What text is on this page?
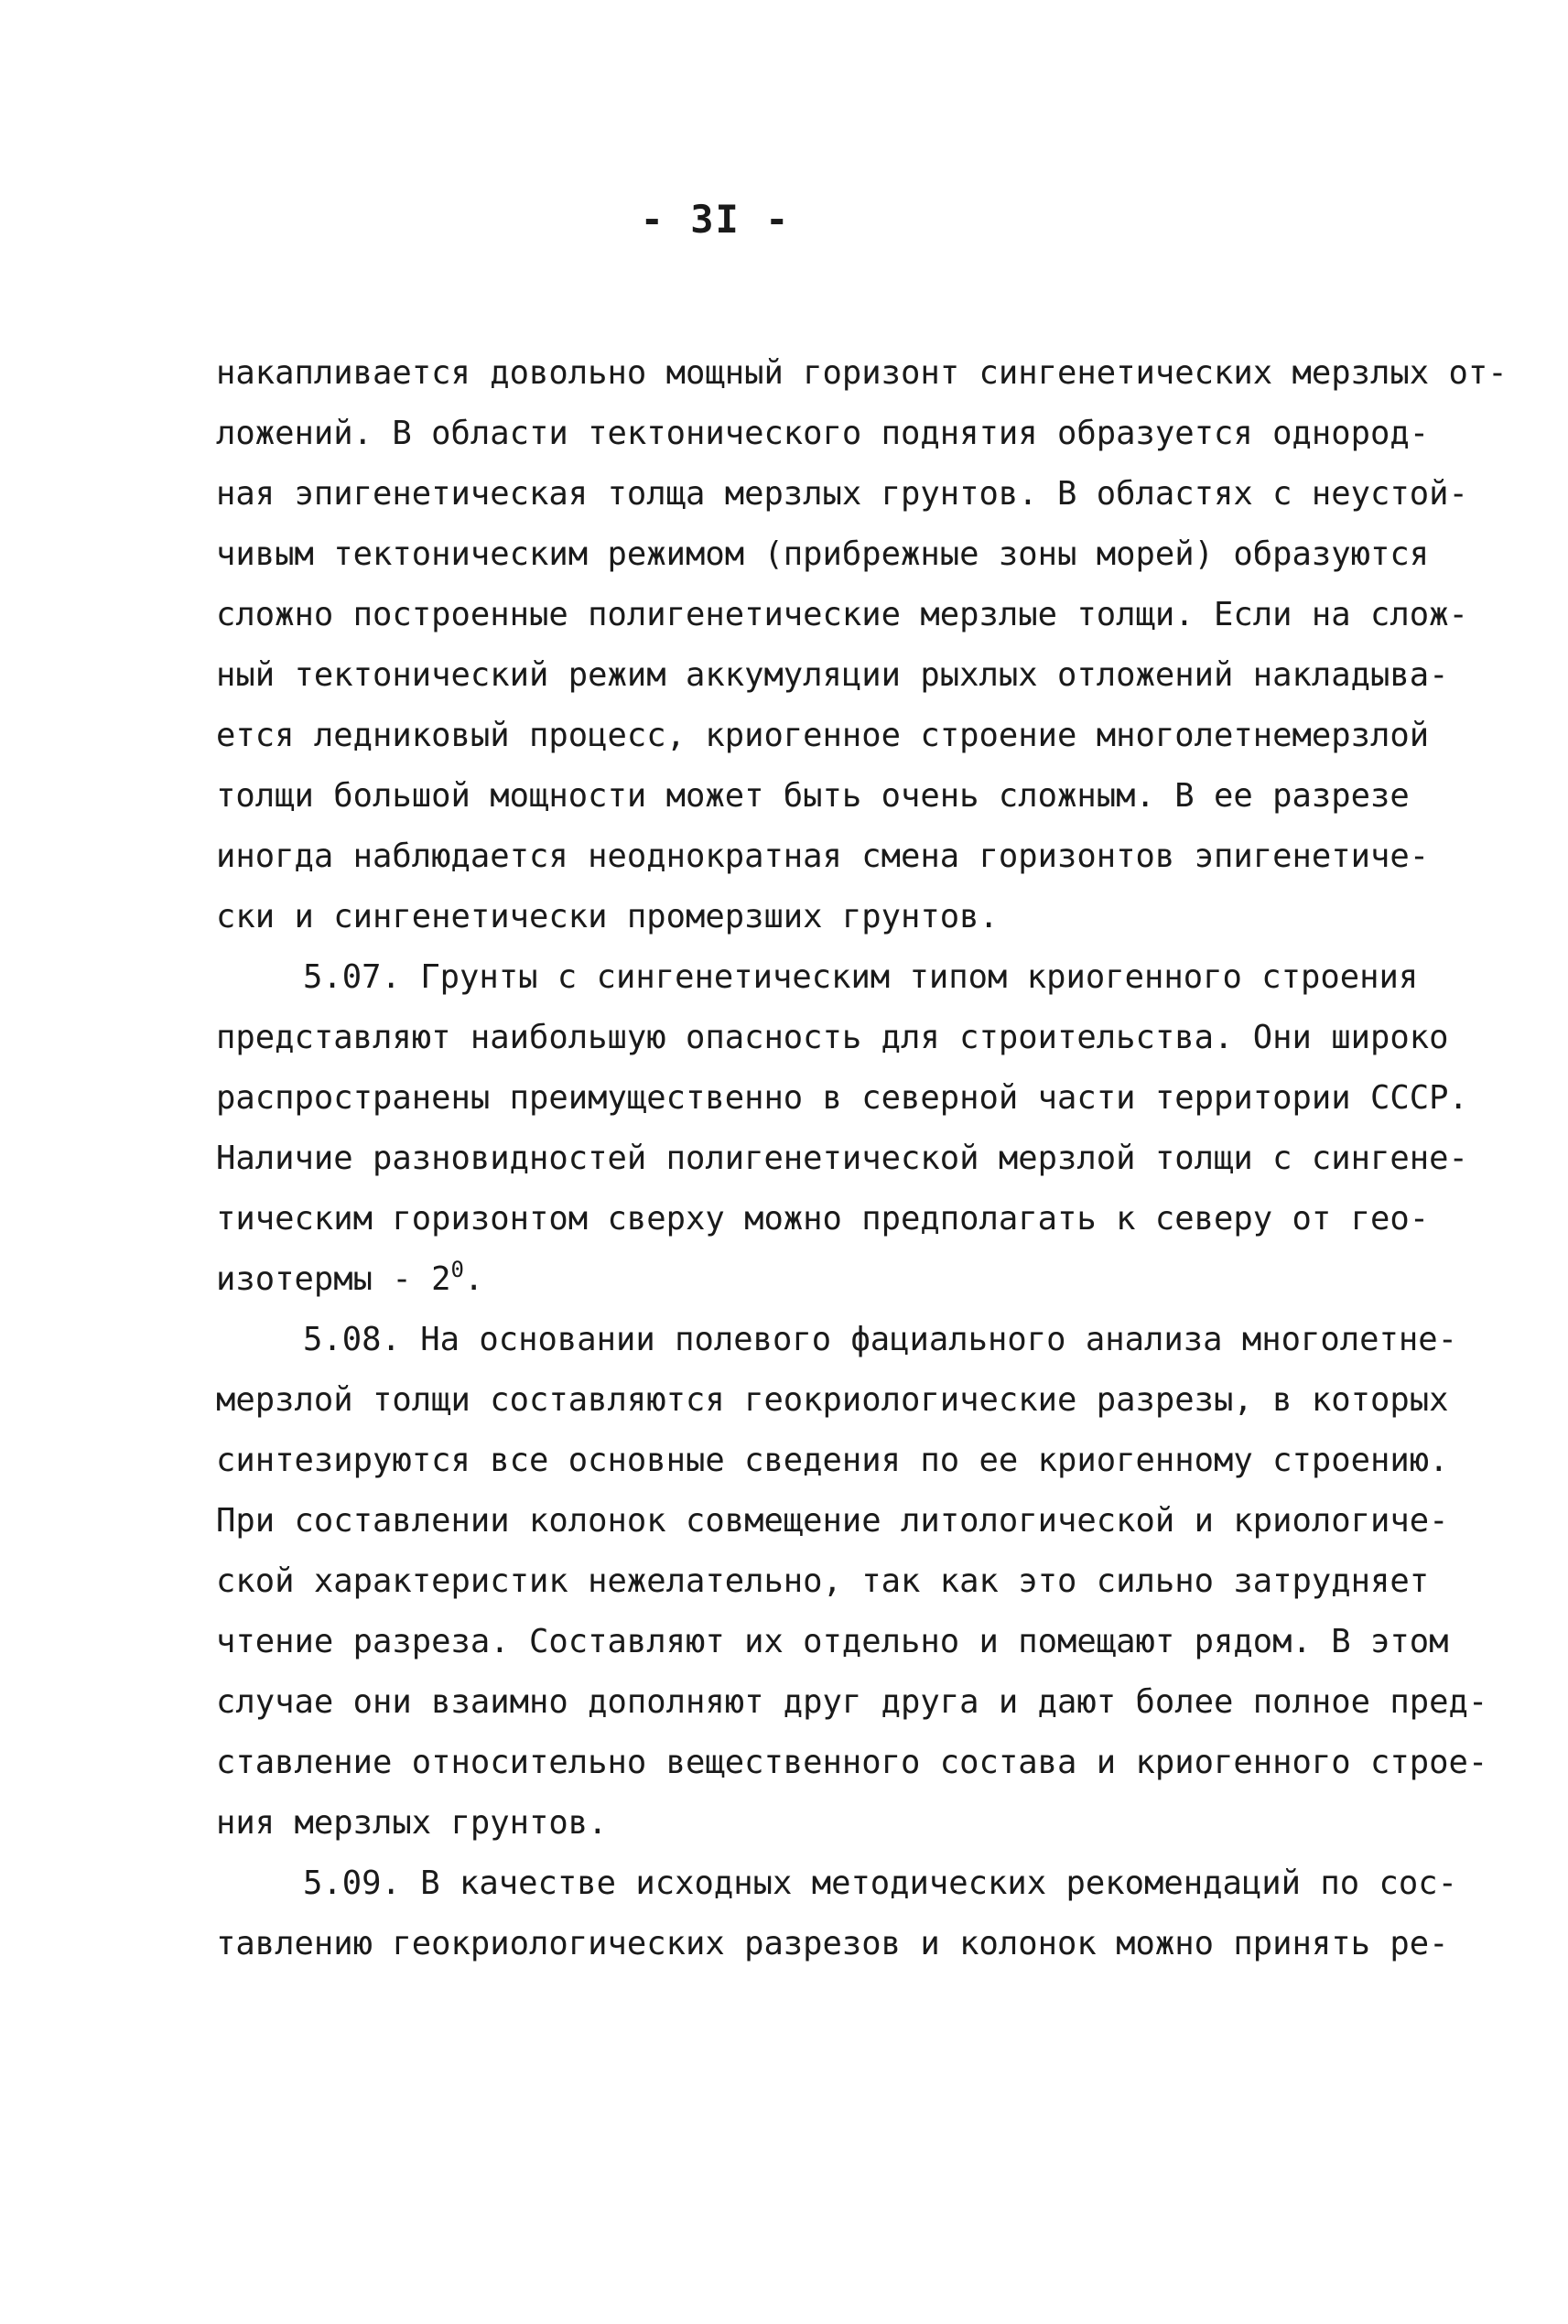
- 3I -
накапливается довольно мощный горизонт сингенетических мерзлых от-
ложений. В области тектонического поднятия образуется однород-
ная эпигенетическая толща мерзлых грунтов. В областях с неустой-
чивым тектоническим режимом (прибрежные зоны морей) образуются
сложно построенные полигенетические мерзлые толщи. Если на слож-
ный тектонический режим аккумуляции рыхлых отложений накладыва-
ется ледниковый процесс, криогенное строение многолетнемерзлой
толщи большой мощности может быть очень сложным. В ее разрезе
иногда наблюдается неоднократная смена горизонтов эпигенетиче-
ски и сингенетически промерзших грунтов.
5.07. Грунты с сингенетическим типом криогенного строения
представляют наибольшую опасность для строительства. Они широко
распространены преимущественно в северной части территории СССР.
Наличие разновидностей полигенетической мерзлой толщи с сингене-
тическим горизонтом сверху можно предполагать к северу от гео-
изотермы - $2^0$.
5.08. На основании полевого фациального анализа многолетне-
мерзлой толщи составляются геокриологические разрезы, в которых
синтезируются все основные сведения по ее криогенному строению.
При составлении колонок совмещение литологической и криологиче-
ской характеристик нежелательно, так как это сильно затрудняет
чтение разреза. Составляют их отдельно и помещают рядом. В этом
случае они взаимно дополняют друг друга и дают более полное пред-
ставление относительно вещественного состава и криогенного строе-
ния мерзлых грунтов.
5.09. В качестве исходных методических рекомендаций по сос-
тавлению геокриологических разрезов и колонок можно принять ре-
